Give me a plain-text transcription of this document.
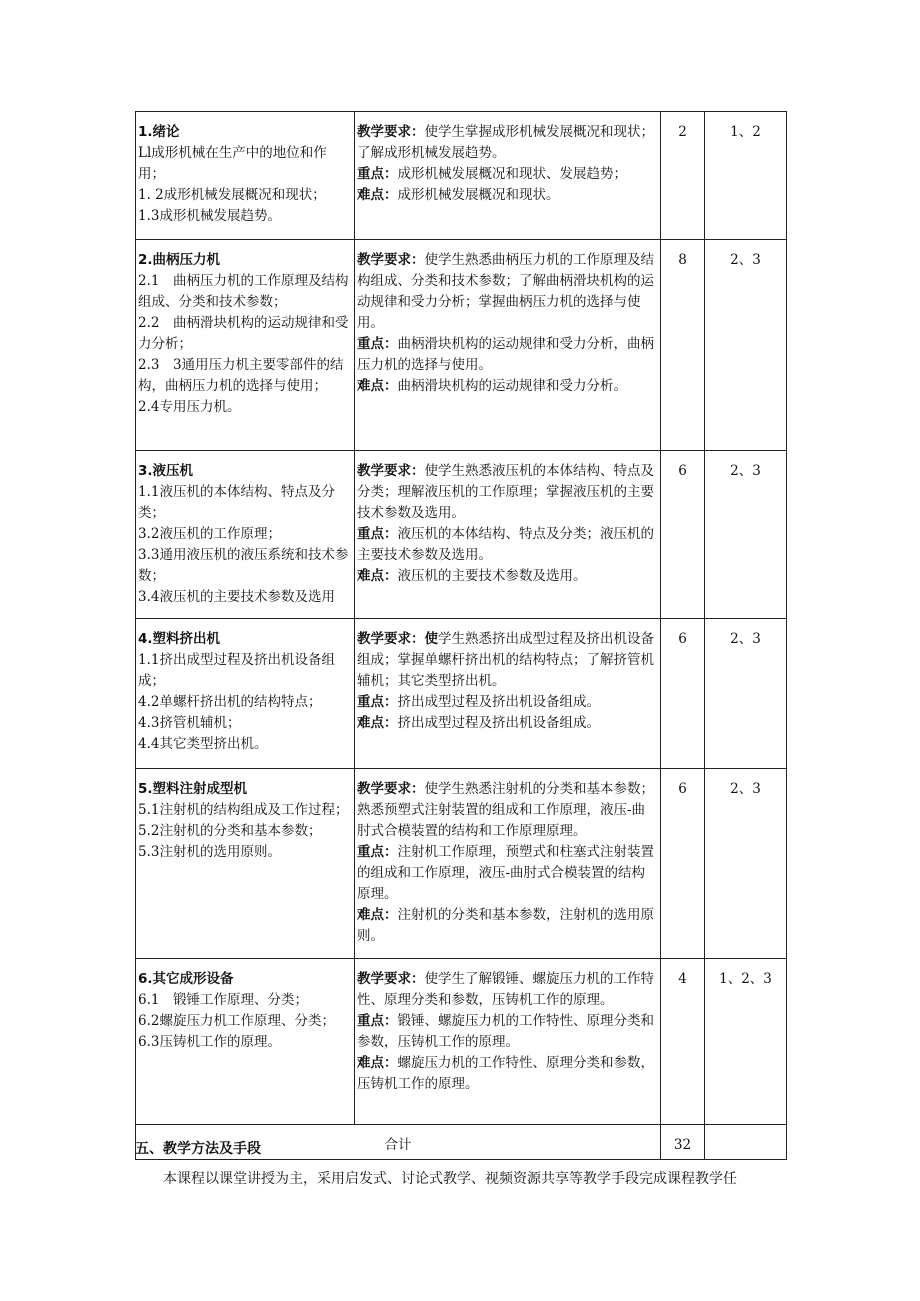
1.绪论
Ll成形机械在生产中的地位和作用；
1. 2成形机械发展概况和现状；
1.3成形机械发展趋势。	教学要求：使学生掌握成形机械发展概况和现状；了解成形机械发展趋势。
重点：成形机械发展概况和现状、发展趋势；
难点：成形机械发展概况和现状。	2	1、2

2.曲柄压力机
2.1　曲柄压力机的工作原理及结构组成、分类和技术参数；
2.2　曲柄滑块机构的运动规律和受力分析；
2.3　3通用压力机主要零部件的结构，曲柄压力机的选择与使用；
2.4专用压力机。	教学要求：使学生熟悉曲柄压力机的工作原理及结构组成、分类和技术参数；了解曲柄滑块机构的运动规律和受力分析；掌握曲柄压力机的选择与使用。
重点：曲柄滑块机构的运动规律和受力分析，曲柄压力机的选择与使用。
难点：曲柄滑块机构的运动规律和受力分析。	8	2、3

3.液压机
1.1液压机的本体结构、特点及分类；
3.2液压机的工作原理；
3.3通用液压机的液压系统和技术参数；
3.4液压机的主要技术参数及选用	教学要求：使学生熟悉液压机的本体结构、特点及分类；理解液压机的工作原理；掌握液压机的主要技术参数及选用。
重点：液压机的本体结构、特点及分类；液压机的主要技术参数及选用。
难点：液压机的主要技术参数及选用。	6	2、3

4.塑料挤出机
1.1挤出成型过程及挤出机设备组成；
4.2单螺杆挤出机的结构特点；
4.3挤管机辅机；
4.4其它类型挤出机。	教学要求：使学生熟悉挤出成型过程及挤出机设备组成；掌握单螺杆挤出机的结构特点；了解挤管机辅机；其它类型挤出机。
重点：挤出成型过程及挤出机设备组成。
难点：挤出成型过程及挤出机设备组成。	6	2、3

5.塑料注射成型机
5.1注射机的结构组成及工作过程；5.2注射机的分类和基本参数；
5.3注射机的选用原则。	教学要求：使学生熟悉注射机的分类和基本参数；熟悉预塑式注射装置的组成和工作原理，液压-曲肘式合模装置的结构和工作原理原理。
重点：注射机工作原理，预塑式和柱塞式注射装置的组成和工作原理，液压-曲肘式合模装置的结构原理。
难点：注射机的分类和基本参数，注射机的选用原则。	6	2、3

6.其它成形设备
6.1　锻锤工作原理、分类；
6.2螺旋压力机工作原理、分类；
6.3压铸机工作的原理。	教学要求：使学生了解锻锤、螺旋压力机的工作特性、原理分类和参数，压铸机工作的原理。
重点：锻锤、螺旋压力机的工作特性、原理分类和参数，压铸机工作的原理。
难点：螺旋压力机的工作特性、原理分类和参数，压铸机工作的原理。	4	1、2、3
合计		32	
五、教学方法及手段
本课程以课堂讲授为主，采用启发式、讨论式教学、视频资源共享等教学手段完成课程教学任
